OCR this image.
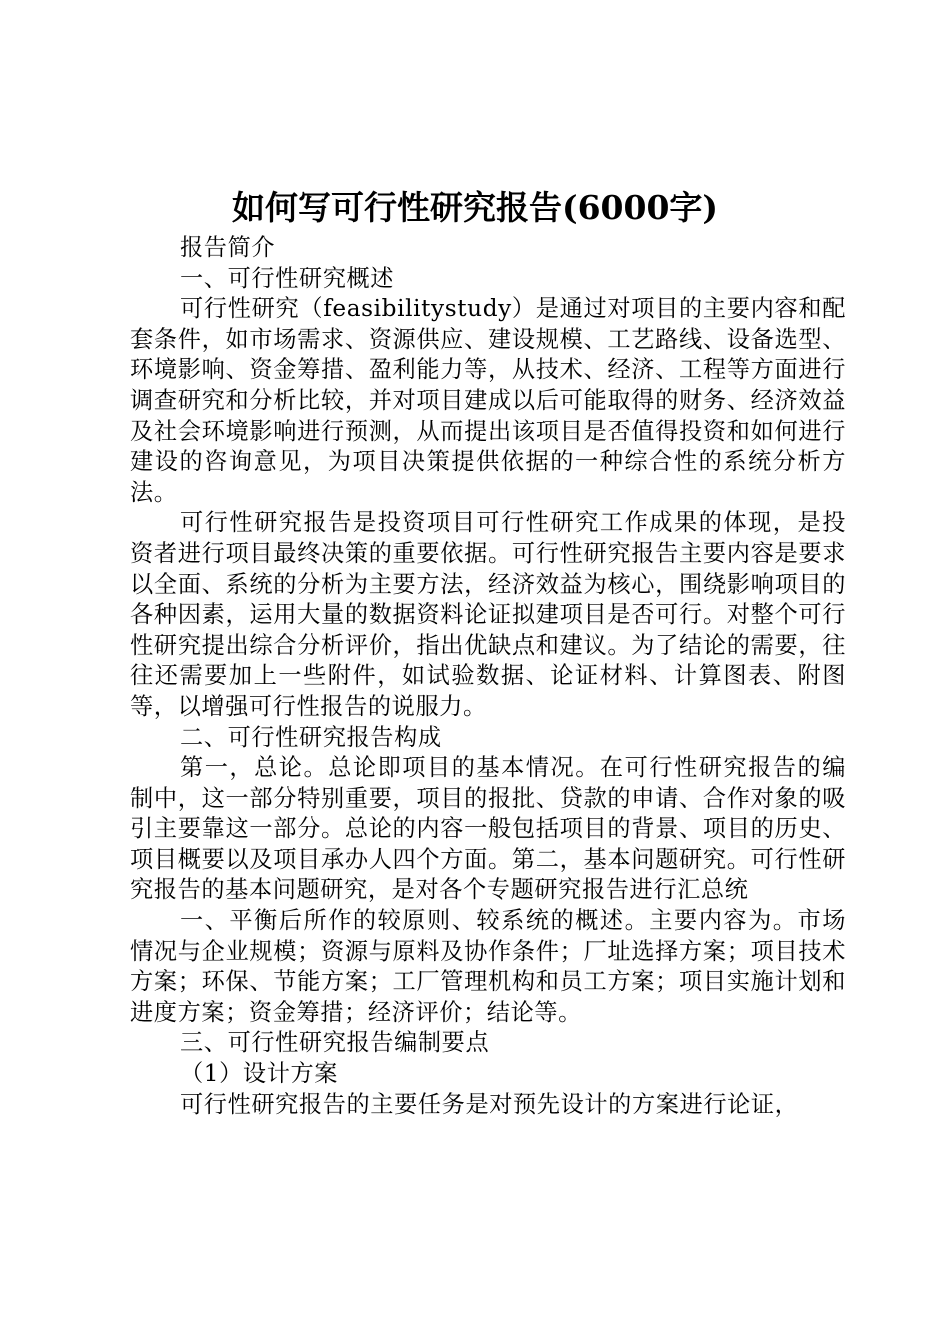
如何写可行性研究报告(6000字)

报告简介

一、可行性研究概述

可行性研究（feasibilitystudy）是通过对项目的主要内容和配套条件，如市场需求、资源供应、建设规模、工艺路线、设备选型、环境影响、资金筹措、盈利能力等，从技术、经济、工程等方面进行调查研究和分析比较，并对项目建成以后可能取得的财务、经济效益及社会环境影响进行预测，从而提出该项目是否值得投资和如何进行建设的咨询意见，为项目决策提供依据的一种综合性的系统分析方法。

可行性研究报告是投资项目可行性研究工作成果的体现，是投资者进行项目最终决策的重要依据。可行性研究报告主要内容是要求以全面、系统的分析为主要方法，经济效益为核心，围绕影响项目的各种因素，运用大量的数据资料论证拟建项目是否可行。对整个可行性研究提出综合分析评价，指出优缺点和建议。为了结论的需要，往往还需要加上一些附件，如试验数据、论证材料、计算图表、附图等，以增强可行性报告的说服力。

二、可行性研究报告构成

第一，总论。总论即项目的基本情况。在可行性研究报告的编制中，这一部分特别重要，项目的报批、贷款的申请、合作对象的吸引主要靠这一部分。总论的内容一般包括项目的背景、项目的历史、项目概要以及项目承办人四个方面。第二，基本问题研究。可行性研究报告的基本问题研究，是对各个专题研究报告进行汇总统

一、平衡后所作的较原则、较系统的概述。主要内容为。市场情况与企业规模；资源与原料及协作条件；厂址选择方案；项目技术方案；环保、节能方案；工厂管理机构和员工方案；项目实施计划和进度方案；资金筹措；经济评价；结论等。

三、可行性研究报告编制要点

（1）设计方案

可行性研究报告的主要任务是对预先设计的方案进行论证，
